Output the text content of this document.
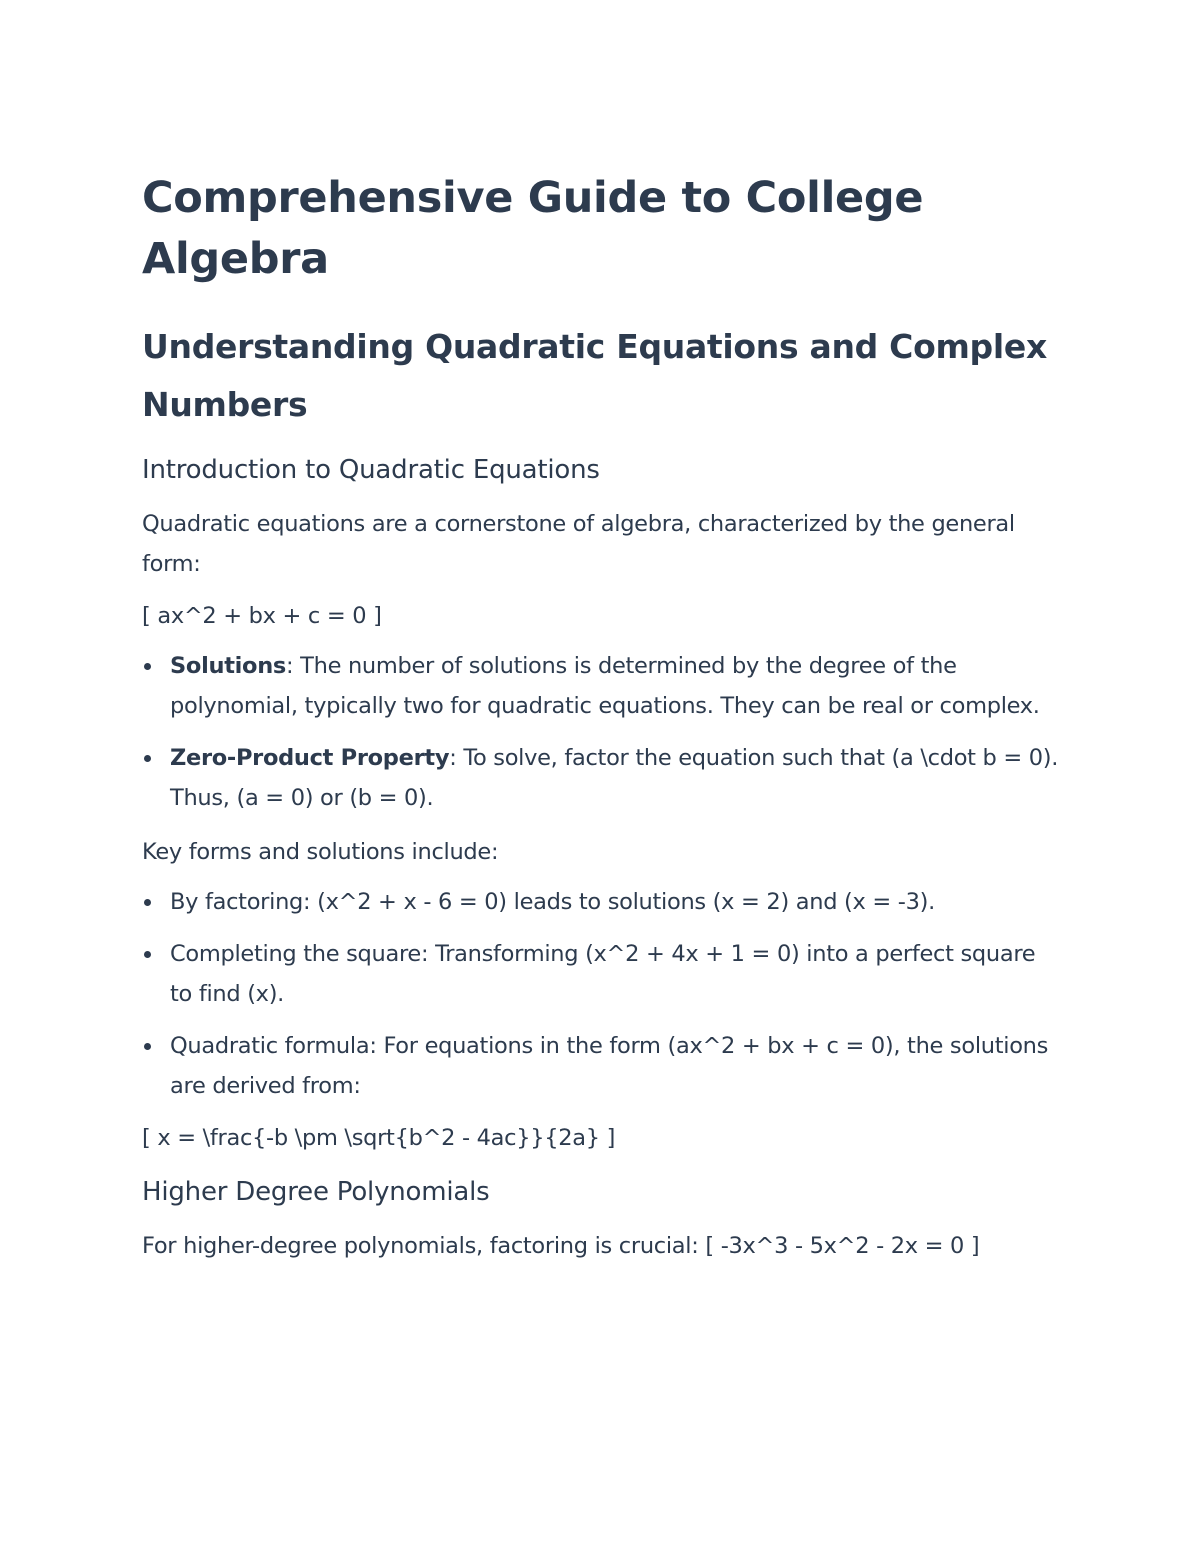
Comprehensive Guide to College Algebra
Understanding Quadratic Equations and Complex Numbers
Introduction to Quadratic Equations

Quadratic equations are a cornerstone of algebra, characterized by the general form:

[ ax^2 + bx + c = 0 ]

Solutions: The number of solutions is determined by the degree of the polynomial, typically two for quadratic equations. They can be real or complex.
Zero-Product Property: To solve, factor the equation such that (a \cdot b = 0). Thus, (a = 0) or (b = 0).

Key forms and solutions include:

By factoring: (x^2 + x - 6 = 0) leads to solutions (x = 2) and (x = -3).
Completing the square: Transforming (x^2 + 4x + 1 = 0) into a perfect square to find (x).
Quadratic formula: For equations in the form (ax^2 + bx + c = 0), the solutions are derived from:

[ x = \frac{-b \pm \sqrt{b^2 - 4ac}}{2a} ]

Higher Degree Polynomials

For higher-degree polynomials, factoring is crucial: [ -3x^3 - 5x^2 - 2x = 0 ]
